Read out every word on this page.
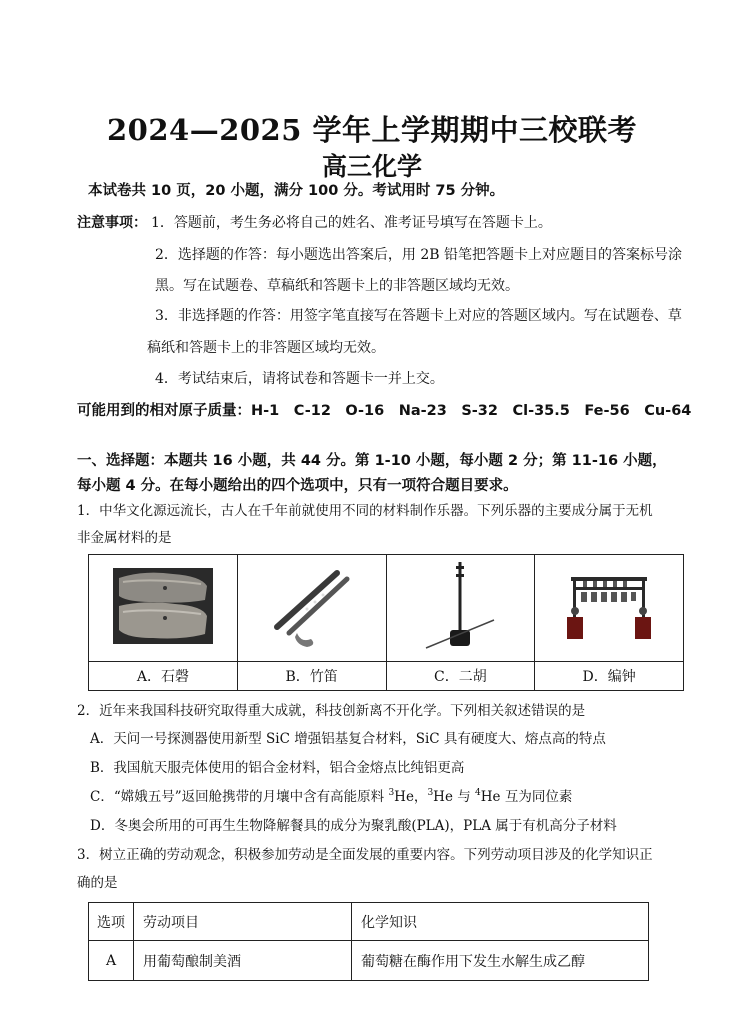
2024—2025 学年上学期期中三校联考
高三化学
本试卷共 10 页，20 小题，满分 100 分。考试用时 75 分钟。
注意事项： 1．答题前，考生务必将自己的姓名、准考证号填写在答题卡上。
2．选择题的作答：每小题选出答案后，用 2B 铅笔把答题卡上对应题目的答案标号涂
黑。写在试题卷、草稿纸和答题卡上的非答题区域均无效。
3．非选择题的作答：用签字笔直接写在答题卡上对应的答题区域内。写在试题卷、草
稿纸和答题卡上的非答题区域均无效。
4．考试结束后，请将试卷和答题卡一并上交。
可能用到的相对原子质量：H-1　C-12　O-16　Na-23　S-32　Cl-35.5　Fe-56　Cu-64
一、选择题：本题共 16 小题，共 44 分。第 1-10 小题，每小题 2 分；第 11-16 小题，
每小题 4 分。在每小题给出的四个选项中，只有一项符合题目要求。
1．中华文化源远流长，古人在千年前就使用不同的材料制作乐器。下列乐器的主要成分属于无机
非金属材料的是

A．石磬	B．竹笛	C．二胡	D．编钟
2．近年来我国科技研究取得重大成就，科技创新离不开化学。下列相关叙述错误的是
A．天问一号探测器使用新型 SiC 增强铝基复合材料，SiC 具有硬度大、熔点高的特点
B．我国航天服壳体使用的铝合金材料，铝合金熔点比纯铝更高
C．“嫦娥五号”返回舱携带的月壤中含有高能原料 $^3$He，$^3$He 与 $^4$He 互为同位素
D．冬奥会所用的可再生生物降解餐具的成分为聚乳酸(PLA)，PLA 属于有机高分子材料
3．树立正确的劳动观念，积极参加劳动是全面发展的重要内容。下列劳动项目涉及的化学知识正
确的是
选项	劳动项目	化学知识
A	用葡萄酿制美酒	葡萄糖在酶作用下发生水解生成乙醇
